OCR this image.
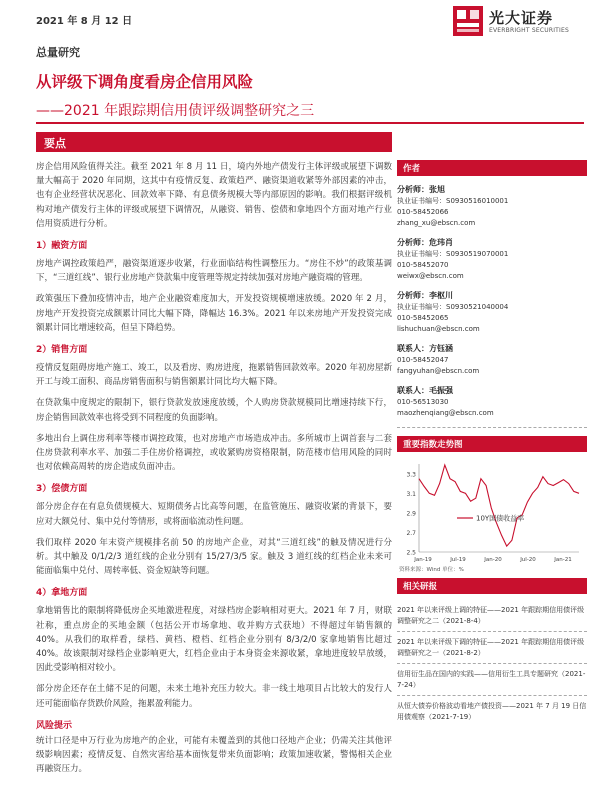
2021 年 8 月 12 日	光大证券
EVERBRIGHT SECURITIES
总量研究
从评级下调角度看房企信用风险
——2021 年跟踪期信用债评级调整研究之三
要点

房企信用风险值得关注。截至 2021 年 8 月 11 日，境内外地产债发行主体评级或展望下调数量大幅高于 2020 年同期，这其中有疫情反复、政策趋严、融资渠道收紧等外部因素的冲击，也有企业经营状况恶化、回款效率下降、有息债务规模大等内部原因的影响。我们根据评级机构对地产债发行主体的评级或展望下调情况，从融资、销售、偿债和拿地四个方面对地产行业信用资质进行分析。

1）融资方面

房地产调控政策趋严，融资渠道逐步收紧，行业面临结构性调整压力。“房住不炒”的政策基调下，“三道红线”、银行业房地产贷款集中度管理等规定持续加强对房地产融资端的管理。

政策强压下叠加疫情冲击，地产企业融资难度加大，开发投资规模增速放缓。2020 年 2 月，房地产开发投资完成额累计同比大幅下降，降幅达 16.3%。2021 年以来房地产开发投资完成额累计同比增速较高，但呈下降趋势。

2）销售方面

疫情反复阻碍房地产施工、竣工，以及看房、购房进度，拖累销售回款效率。2020 年初房屋新开工与竣工面积、商品房销售面积与销售额累计同比均大幅下降。

在贷款集中度规定的限制下，银行贷款发放速度放缓，个人购房贷款规模同比增速持续下行，房企销售回款效率也将受到不同程度的负面影响。

多地出台上调住房利率等楼市调控政策，也对房地产市场造成冲击。多所城市上调首套与二套住房贷款利率水平、加强二手住房价格调控，或收紧购房资格限制，防范楼市信用风险的同时也对依赖高周转的房企造成负面冲击。

3）偿债方面

部分房企存在有息负债规模大、短期债务占比高等问题，在监管施压、融资收紧的背景下，要应对大额兑付、集中兑付等情形，或将面临流动性问题。

我们取样 2020 年末资产规模排名前 50 的房地产企业，对其“三道红线”的触及情况进行分析。其中触及 0/1/2/3 道红线的企业分别有 15/27/3/5 家。触及 3 道红线的红档企业未来可能面临集中兑付、周转率低、资金短缺等问题。

4）拿地方面

拿地销售比的限制将降低房企买地激进程度，对绿档房企影响相对更大。2021 年 7 月，财联社称，重点房企的买地金额（包括公开市场拿地、收并购方式获地）不得超过年销售额的 40%。从我们的取样看，绿档、黄档、橙档、红档企业分别有 8/3/2/0 家拿地销售比超过 40%。故该限制对绿档企业影响更大，红档企业由于本身资金来源收紧，拿地进度较早放缓，因此受影响相对较小。

部分房企还存在土储不足的问题，未来土地补充压力较大。非一线土地项目占比较大的发行人还可能面临存货跌价风险，拖累盈利能力。

风险提示

统计口径是申万行业为房地产的企业，可能有未覆盖到的其他口径地产企业；仍需关注其他评级影响因素；疫情反复、自然灾害给基本面恢复带来负面影响；政策加速收紧，警惕相关企业再融资压力。

作者
分析师：张旭
执业证书编号：S0930516010001
010-58452066
zhang_xu@ebscn.com
分析师：危玮肖
执业证书编号：S0930519070001
010-58452070
weiwx@ebscn.com
分析师：李枢川
执业证书编号：S0930521040004
010-58452065
lishuchuan@ebscn.com
联系人：方钰涵
010-58452047
fangyuhan@ebscn.com
联系人：毛振强
010-56513030
maozhenqiang@ebscn.com
重要指数走势图
2.5
2.7
2.9
3.1
3.3
Jan-19	Jul-19	Jan-20	Jul-20	Jan-21
10Y国债收益率
资料来源：Wind 单位：%
相关研报
2021 年以来评级上调的特征——2021 年跟踪期信用债评级调整研究之二（2021-8-4）
2021 年以来评级下调的特征——2021 年跟踪期信用债评级调整研究之一（2021-8-2）
信用衍生品在国内的实践——信用衍生工具专题研究（2021-7-24）
从恒大债券价格波动看地产债投资——2021 年 7 月 19 日信用债观察（2021-7-19）
